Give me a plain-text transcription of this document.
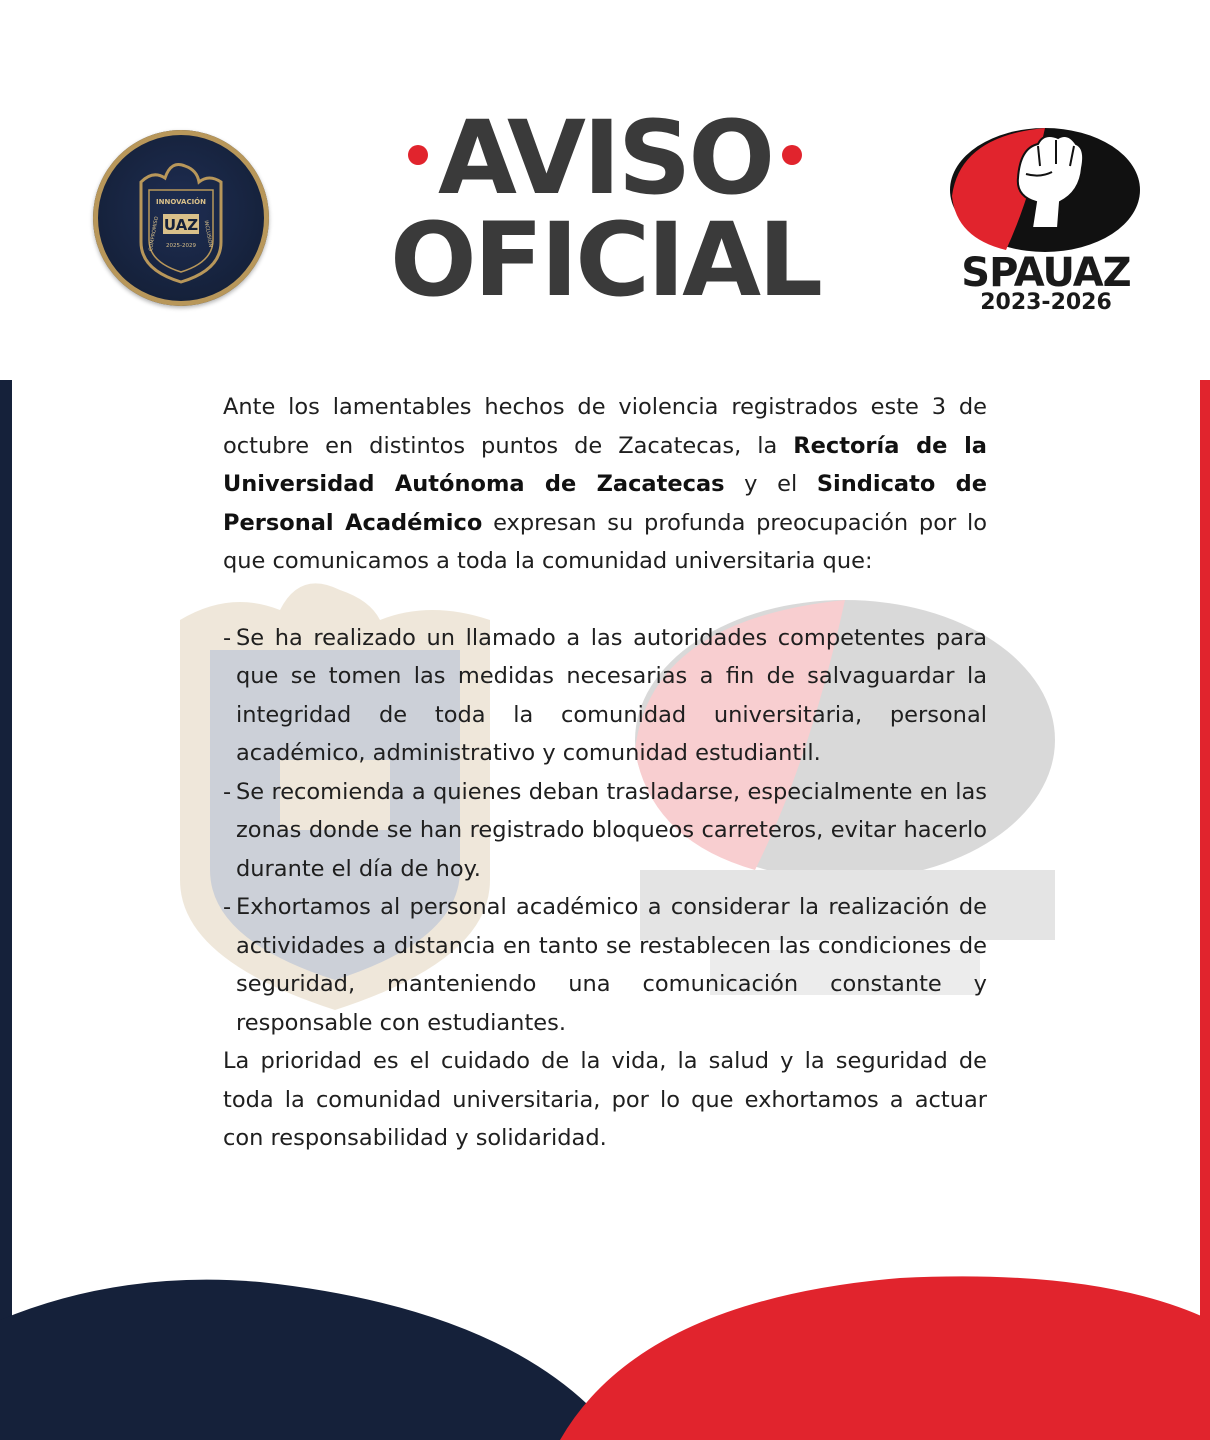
INNOVACIÓN
COMPROMISO	INCLUSIÓN
UAZ
2025-2029
AVISO
OFICIAL	SPAUAZ
2023-2026

Ante los lamentables hechos de violencia registrados este 3 de octubre en distintos puntos de Zacatecas, la Rectoría de la Universidad Autónoma de Zacatecas y el Sindicato de Personal Académico expresan su profunda preocupación por lo que comunicamos a toda la comunidad universitaria que:

- Se ha realizado un llamado a las autoridades competentes para que se tomen las medidas necesarias a fin de salvaguardar la integridad de toda la comunidad universitaria, personal académico, administrativo y comunidad estudiantil.

- Se recomienda a quienes deban trasladarse, especialmente en las zonas donde se han registrado bloqueos carreteros, evitar hacerlo durante el día de hoy.

- Exhortamos al personal académico a considerar la realización de actividades a distancia en tanto se restablecen las condiciones de seguridad, manteniendo una comunicación constante y responsable con estudiantes.

La prioridad es el cuidado de la vida, la salud y la seguridad de toda la comunidad universitaria, por lo que exhortamos a actuar con responsabilidad y solidaridad.
